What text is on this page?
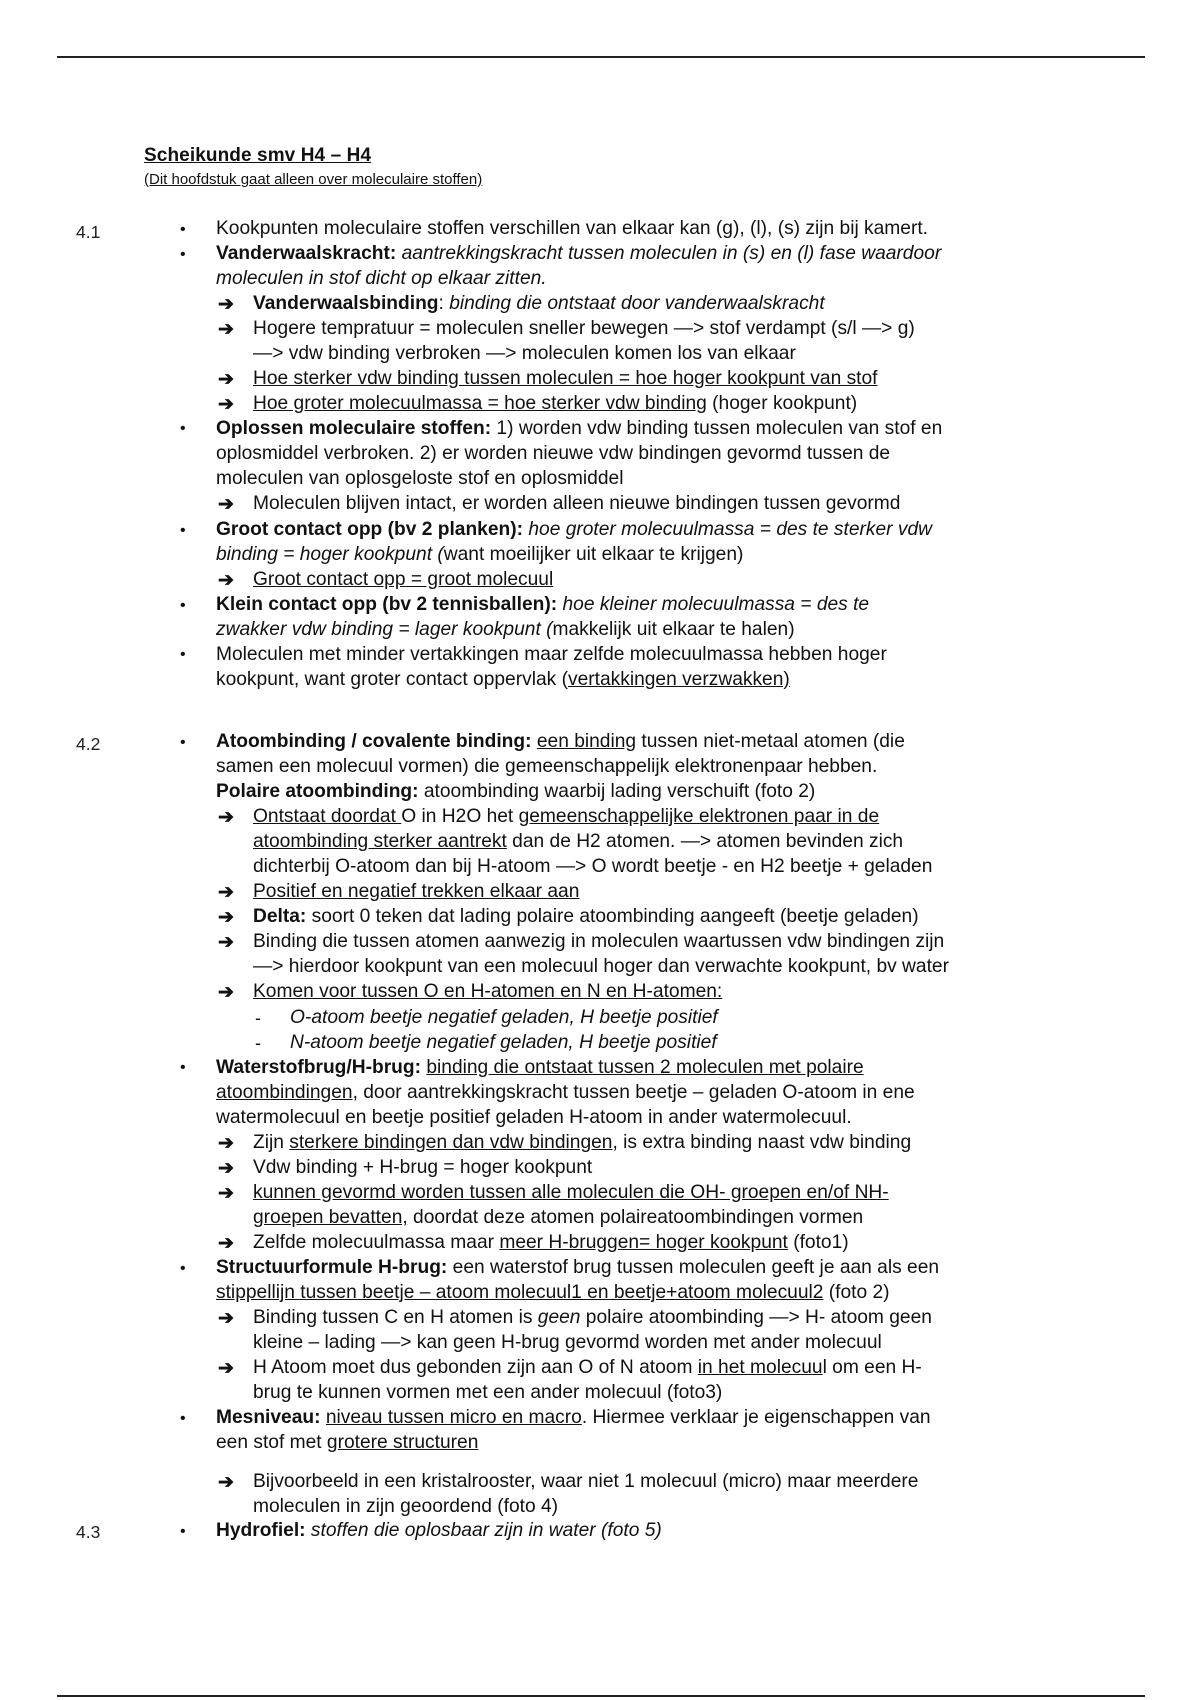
Scheikunde smv H4 – H4
(Dit hoofdstuk gaat alleen over moleculaire stoffen)
4.1
4.2
4.3
• Kookpunten moleculaire stoffen verschillen van elkaar kan (g), (l), (s) zijn bij kamert.
• Vanderwaalskracht: aantrekkingskracht tussen moleculen in (s) en (l) fase waardoor
moleculen in stof dicht op elkaar zitten.
➔ Vanderwaalsbinding: binding die ontstaat door vanderwaalskracht
➔ Hogere tempratuur = moleculen sneller bewegen —> stof verdampt (s/l —> g)
—> vdw binding verbroken —> moleculen komen los van elkaar
➔ Hoe sterker vdw binding tussen moleculen = hoe hoger kookpunt van stof
➔ Hoe groter molecuulmassa = hoe sterker vdw binding (hoger kookpunt)
• Oplossen moleculaire stoffen: 1) worden vdw binding tussen moleculen van stof en
oplosmiddel verbroken. 2) er worden nieuwe vdw bindingen gevormd tussen de
moleculen van oplosgeloste stof en oplosmiddel
➔ Moleculen blijven intact, er worden alleen nieuwe bindingen tussen gevormd
• Groot contact opp (bv 2 planken): hoe groter molecuulmassa = des te sterker vdw
binding = hoger kookpunt (want moeilijker uit elkaar te krijgen)
➔ Groot contact opp = groot molecuul
• Klein contact opp (bv 2 tennisballen): hoe kleiner molecuulmassa = des te
zwakker vdw binding = lager kookpunt (makkelijk uit elkaar te halen)
• Moleculen met minder vertakkingen maar zelfde molecuulmassa hebben hoger
kookpunt, want groter contact oppervlak (vertakkingen verzwakken)
• Atoombinding / covalente binding: een binding tussen niet-metaal atomen (die
samen een molecuul vormen) die gemeenschappelijk elektronenpaar hebben.
Polaire atoombinding: atoombinding waarbij lading verschuift (foto 2)
➔ Ontstaat doordat O in H2O het gemeenschappelijke elektronen paar in de
atoombinding sterker aantrekt dan de H2 atomen. —> atomen bevinden zich
dichterbij O-atoom dan bij H-atoom —> O wordt beetje - en H2 beetje + geladen
➔ Positief en negatief trekken elkaar aan
➔ Delta: soort 0 teken dat lading polaire atoombinding aangeeft (beetje geladen)
➔ Binding die tussen atomen aanwezig in moleculen waartussen vdw bindingen zijn
—> hierdoor kookpunt van een molecuul hoger dan verwachte kookpunt, bv water
➔ Komen voor tussen O en H-atomen en N en H-atomen:
- O-atoom beetje negatief geladen, H beetje positief
- N-atoom beetje negatief geladen, H beetje positief
• Waterstofbrug/H-brug: binding die ontstaat tussen 2 moleculen met polaire
atoombindingen, door aantrekkingskracht tussen beetje – geladen O-atoom in ene
watermolecuul en beetje positief geladen H-atoom in ander watermolecuul.
➔ Zijn sterkere bindingen dan vdw bindingen, is extra binding naast vdw binding
➔ Vdw binding + H-brug = hoger kookpunt
➔ kunnen gevormd worden tussen alle moleculen die OH- groepen en/of NH-
groepen bevatten, doordat deze atomen polaireatoombindingen vormen
➔ Zelfde molecuulmassa maar meer H-bruggen= hoger kookpunt (foto1)
• Structuurformule H-brug: een waterstof brug tussen moleculen geeft je aan als een
stippellijn tussen beetje – atoom molecuul1 en beetje+atoom molecuul2 (foto 2)
➔ Binding tussen C en H atomen is geen polaire atoombinding —> H- atoom geen
kleine – lading —> kan geen H-brug gevormd worden met ander molecuul
➔ H Atoom moet dus gebonden zijn aan O of N atoom in het molecuul om een H-
brug te kunnen vormen met een ander molecuul (foto3)
• Mesniveau: niveau tussen micro en macro. Hiermee verklaar je eigenschappen van
een stof met grotere structuren
➔ Bijvoorbeeld in een kristalrooster, waar niet 1 molecuul (micro) maar meerdere
moleculen in zijn geoordend (foto 4)
• Hydrofiel: stoffen die oplosbaar zijn in water (foto 5)
